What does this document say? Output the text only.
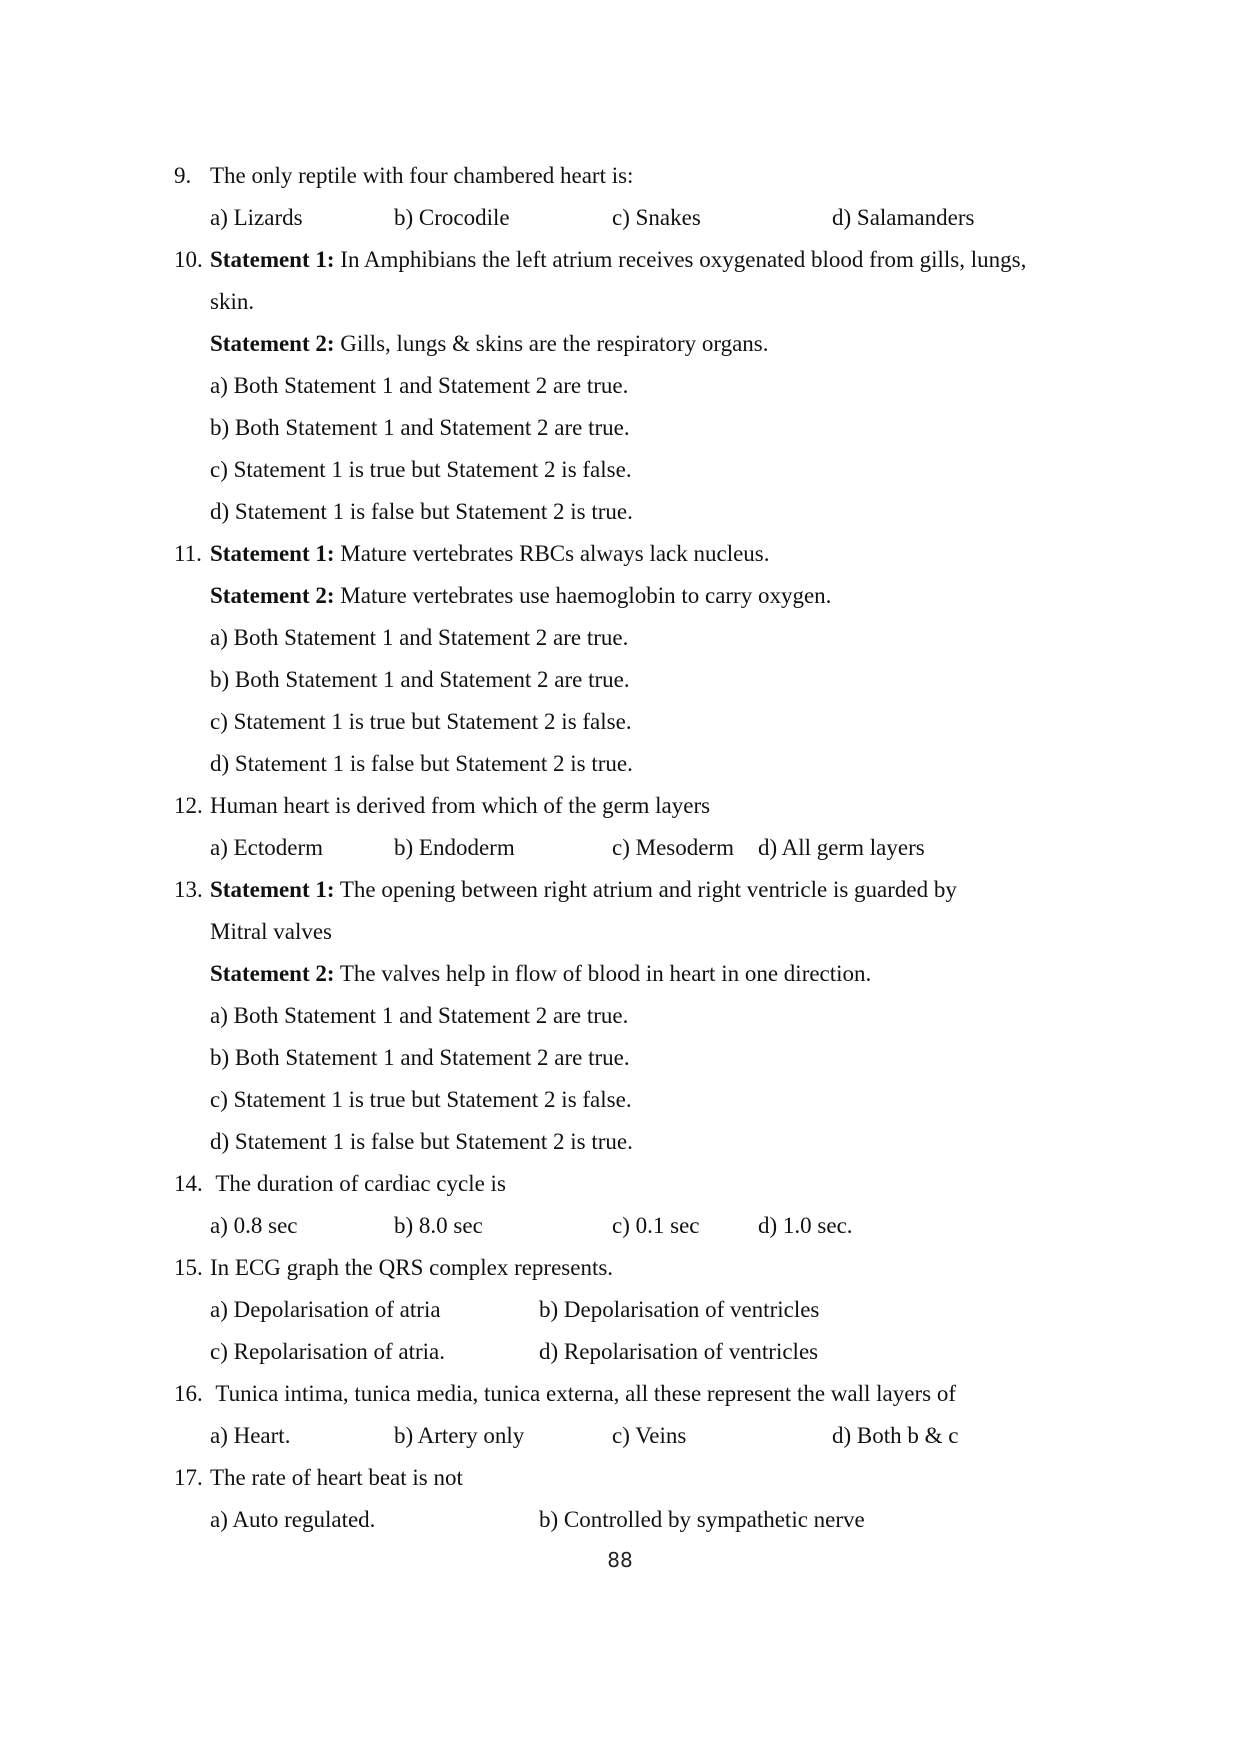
9. The only reptile with four chambered heart is:
a) Lizards	b) Crocodile	c) Snakes	d) Salamanders
10. Statement 1: In Amphibians the left atrium receives oxygenated blood from gills, lungs,
skin.
Statement 2: Gills, lungs & skins are the respiratory organs.
a) Both Statement 1 and Statement 2 are true.
b) Both Statement 1 and Statement 2 are true.
c) Statement 1 is true but Statement 2 is false.
d) Statement 1 is false but Statement 2 is true.
11. Statement 1: Mature vertebrates RBCs always lack nucleus.
Statement 2: Mature vertebrates use haemoglobin to carry oxygen.
a) Both Statement 1 and Statement 2 are true.
b) Both Statement 1 and Statement 2 are true.
c) Statement 1 is true but Statement 2 is false.
d) Statement 1 is false but Statement 2 is true.
12. Human heart is derived from which of the germ layers
a) Ectoderm	b) Endoderm	c) Mesoderm d) All germ layers
13. Statement 1: The opening between right atrium and right ventricle is guarded by
Mitral valves
Statement 2: The valves help in flow of blood in heart in one direction.
a) Both Statement 1 and Statement 2 are true.
b) Both Statement 1 and Statement 2 are true.
c) Statement 1 is true but Statement 2 is false.
d) Statement 1 is false but Statement 2 is true.
14. The duration of cardiac cycle is
a) 0.8 sec	b) 8.0 sec	c) 0.1 sec	d) 1.0 sec.
15. In ECG graph the QRS complex represents.
a) Depolarisation of atria	b) Depolarisation of ventricles
c) Repolarisation of atria.	d) Repolarisation of ventricles
16. Tunica intima, tunica media, tunica externa, all these represent the wall layers of
a) Heart.	b) Artery only	c) Veins	d) Both b & c
17. The rate of heart beat is not
a) Auto regulated.	b) Controlled by sympathetic nerve
88
